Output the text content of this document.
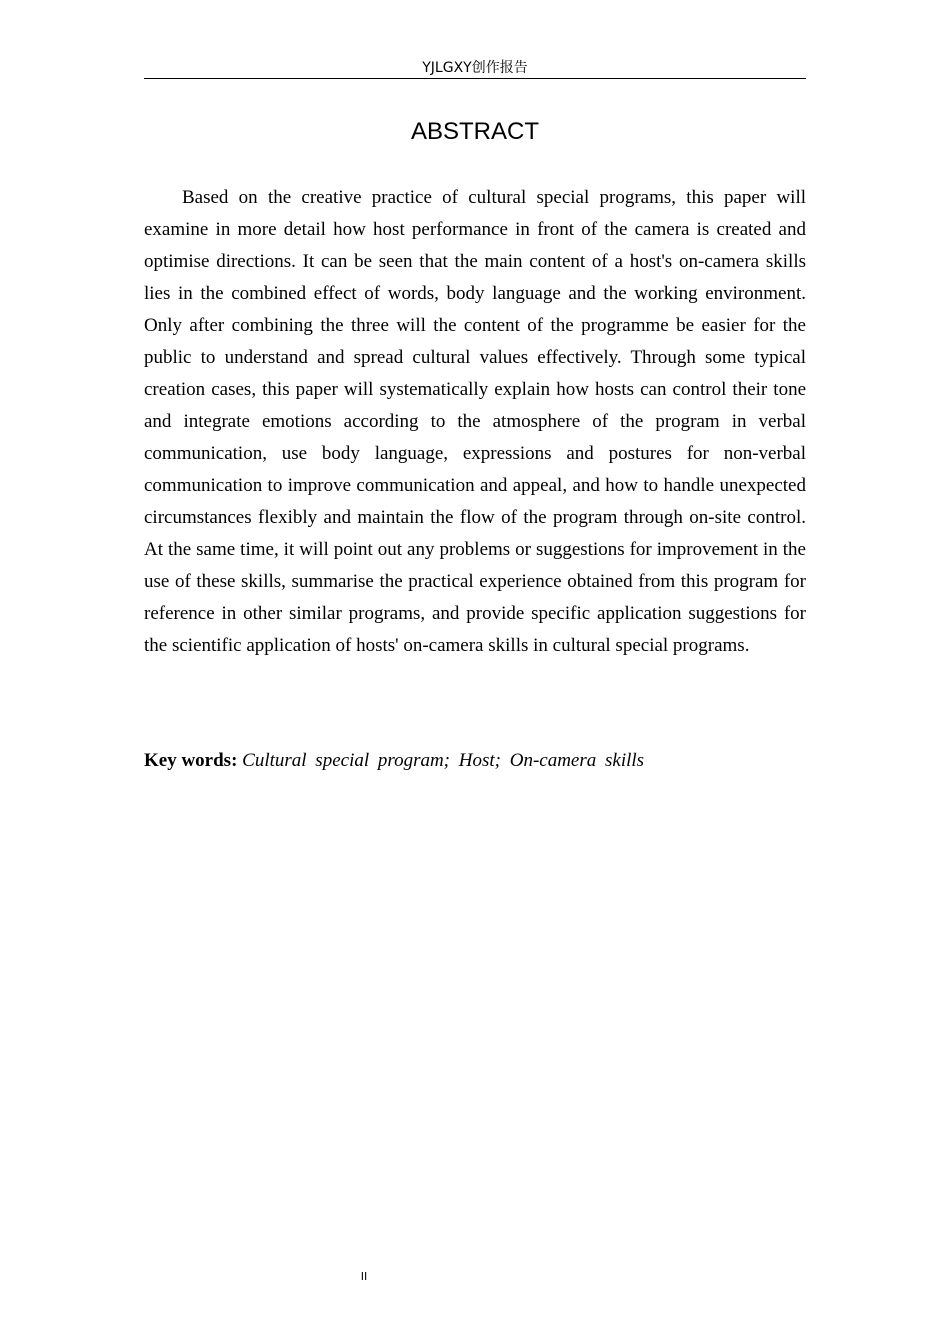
YJLGXY创作报告
ABSTRACT

Based on the creative practice of cultural special programs, this paper will examine in more detail how host performance in front of the camera is created and optimise directions. It can be seen that the main content of a host's on-camera skills lies in the combined effect of words, body language and the working environment. Only after combining the three will the content of the programme be easier for the public to understand and spread cultural values effectively. Through some typical creation cases, this paper will systematically explain how hosts can control their tone and integrate emotions according to the atmosphere of the program in verbal communication, use body language, expressions and postures for non-verbal communication to improve communication and appeal, and how to handle unexpected circumstances flexibly and maintain the flow of the program through on-site control. At the same time, it will point out any problems or suggestions for improvement in the use of these skills, summarise the practical experience obtained from this program for reference in other similar programs, and provide specific application suggestions for the scientific application of hosts' on-camera skills in cultural special programs.

Key words: Cultural special program; Host; On-camera skills

II
